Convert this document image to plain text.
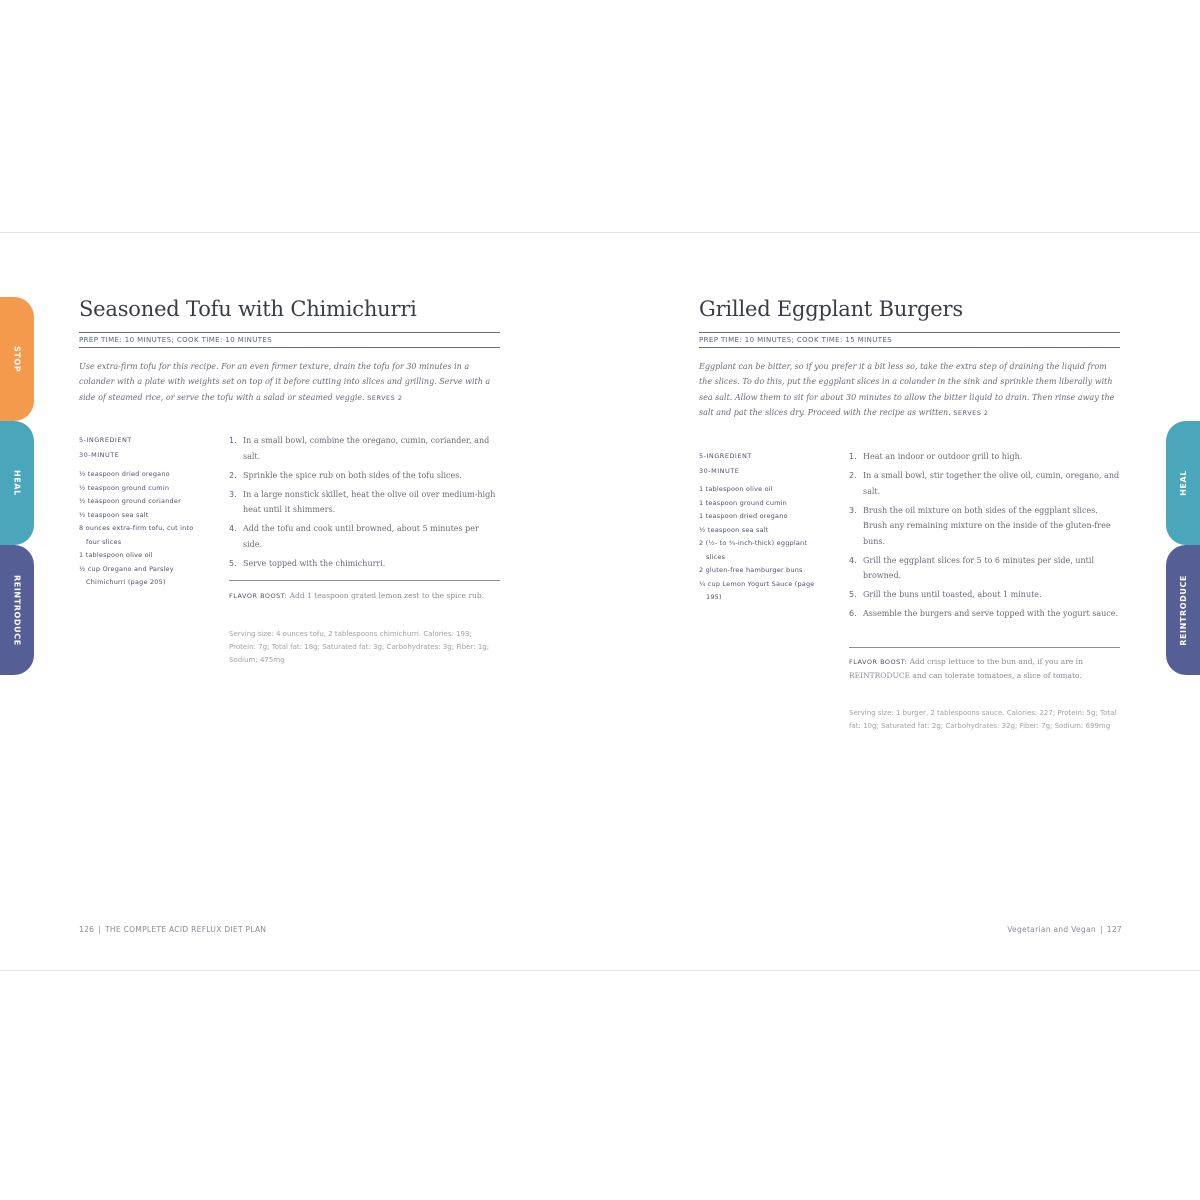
STOP
HEAL
REINTRODUCE
Seasoned Tofu with Chimichurri
PREP TIME: 10 MINUTES; COOK TIME: 10 MINUTES
Use extra-firm tofu for this recipe. For an even firmer texture, drain the tofu for 30 minutes in a colander with a plate with weights set on top of it before cutting into slices and grilling. Serve with a side of steamed rice, or serve the tofu with a salad or steamed veggie. SERVES 2
5-INGREDIENT
30-MINUTE
½ teaspoon dried oregano
½ teaspoon ground cumin
½ teaspoon ground coriander
½ teaspoon sea salt
8 ounces extra-firm tofu, cut into four slices
1 tablespoon olive oil
½ cup Oregano and Parsley Chimichurri (page 205)
1. In a small bowl, combine the oregano, cumin, coriander, and salt.
2. Sprinkle the spice rub on both sides of the tofu slices.
3. In a large nonstick skillet, heat the olive oil over medium-high heat until it shimmers.
4. Add the tofu and cook until browned, about 5 minutes per side.
5. Serve topped with the chimichurri.
FLAVOR BOOST: Add 1 teaspoon grated lemon zest to the spice rub.
Serving size: 4 ounces tofu, 2 tablespoons chimichurri. Calories: 193; Protein: 7g; Total fat: 18g; Saturated fat: 3g; Carbohydrates: 3g; Fiber: 1g; Sodium: 475mg
126 | THE COMPLETE ACID REFLUX DIET PLAN
HEAL
REINTRODUCE
Grilled Eggplant Burgers
PREP TIME: 10 MINUTES; COOK TIME: 15 MINUTES
Eggplant can be bitter, so if you prefer it a bit less so, take the extra step of draining the liquid from the slices. To do this, put the eggplant slices in a colander in the sink and sprinkle them liberally with sea salt. Allow them to sit for about 30 minutes to allow the bitter liquid to drain. Then rinse away the salt and pat the slices dry. Proceed with the recipe as written. SERVES 2
5-INGREDIENT
30-MINUTE
1 tablespoon olive oil
1 teaspoon ground cumin
1 teaspoon dried oregano
½ teaspoon sea salt
2 (½- to ¾-inch-thick) eggplant slices
2 gluten-free hamburger buns
¼ cup Lemon Yogurt Sauce (page 195)
1. Heat an indoor or outdoor grill to high.
2. In a small bowl, stir together the olive oil, cumin, oregano, and salt.
3. Brush the oil mixture on both sides of the eggplant slices. Brush any remaining mixture on the inside of the gluten-free buns.
4. Grill the eggplant slices for 5 to 6 minutes per side, until browned.
5. Grill the buns until toasted, about 1 minute.
6. Assemble the burgers and serve topped with the yogurt sauce.
FLAVOR BOOST: Add crisp lettuce to the bun and, if you are in REINTRODUCE and can tolerate tomatoes, a slice of tomato.
Serving size: 1 burger, 2 tablespoons sauce. Calories: 227; Protein: 5g; Total fat: 10g; Saturated fat: 2g; Carbohydrates: 32g; Fiber: 7g; Sodium: 699mg
Vegetarian and Vegan | 127
